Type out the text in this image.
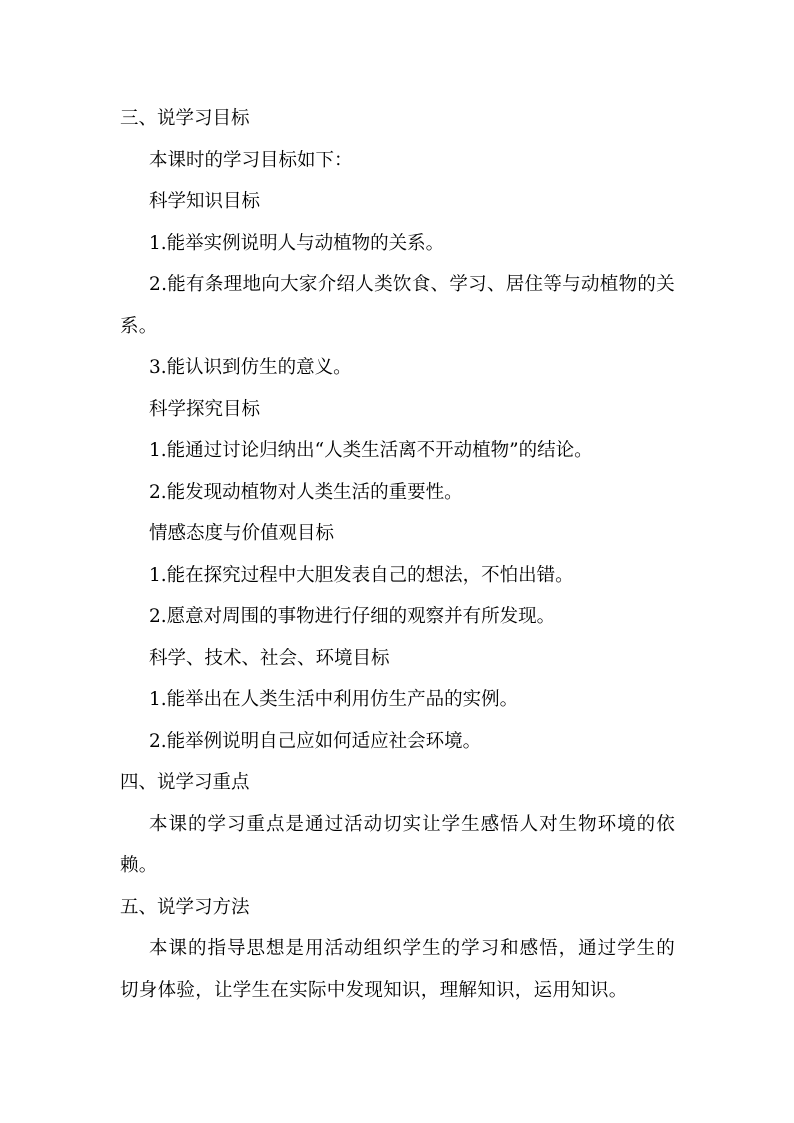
三、说学习目标
本课时的学习目标如下：
科学知识目标
1.能举实例说明人与动植物的关系。
2.能有条理地向大家介绍人类饮食、学习、居住等与动植物的关系。
3.能认识到仿生的意义。
科学探究目标
1.能通过讨论归纳出“人类生活离不开动植物”的结论。
2.能发现动植物对人类生活的重要性。
情感态度与价值观目标
1.能在探究过程中大胆发表自己的想法，不怕出错。
2.愿意对周围的事物进行仔细的观察并有所发现。
科学、技术、社会、环境目标
1.能举出在人类生活中利用仿生产品的实例。
2.能举例说明自己应如何适应社会环境。
四、说学习重点
本课的学习重点是通过活动切实让学生感悟人对生物环境的依赖。
五、说学习方法
本课的指导思想是用活动组织学生的学习和感悟，通过学生的切身体验，让学生在实际中发现知识，理解知识，运用知识。
